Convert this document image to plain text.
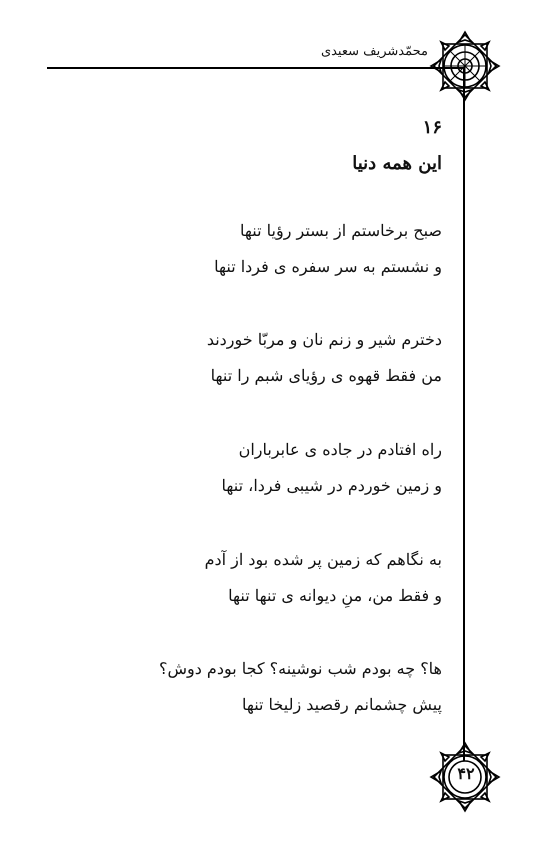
محمّدشریف سعیدی
۱۶
این همه دنیا
صبح برخاستم از بستر رؤیا تنها
و نشستم به سر سفره ی فردا تنها
دخترم شیر و زنم نان و مربّا خوردند
من فقط قهوه ی رؤیای شبم را تنها
راه افتادم در جاده ی عابرباران
و زمین خوردم در شیبی فردا، تنها
به نگاهم که زمین پر شده بود از آدم
و فقط من، منِ دیوانه ی تنها تنها
ها؟ چه بودم شب نوشینه؟ کجا بودم دوش؟
پیش چشمانم رقصید زلیخا تنها
۴۲
